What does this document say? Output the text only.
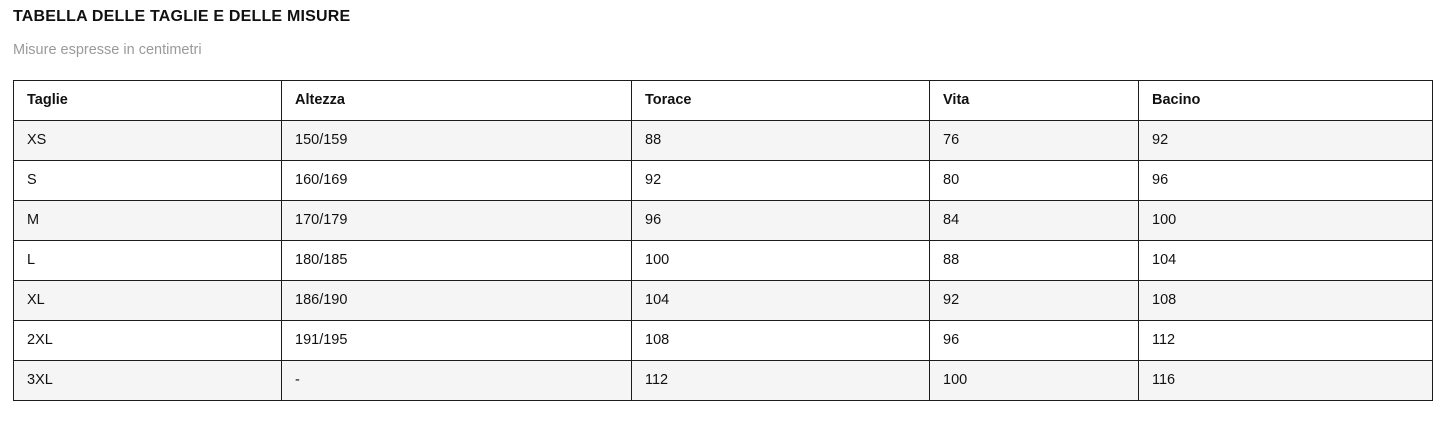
TABELLA DELLE TAGLIE E DELLE MISURE
Misure espresse in centimetri
Taglie	Altezza	Torace	Vita	Bacino
XS	150/159	88	76	92
S	160/169	92	80	96
M	170/179	96	84	100
L	180/185	100	88	104
XL	186/190	104	92	108
2XL	191/195	108	96	112
3XL	-	112	100	116
